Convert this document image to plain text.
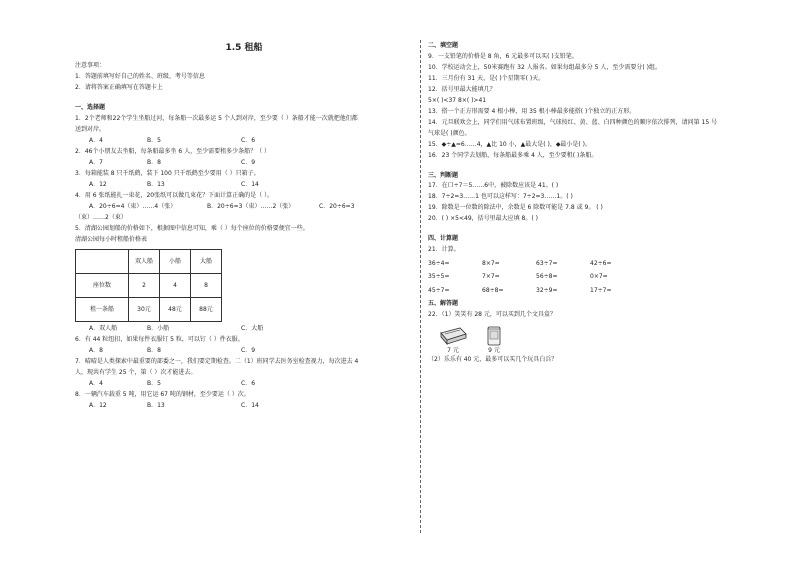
1.5 租船
注意事项：
1．答题前填写好自己的姓名、班级、考号等信息
2．请将答案正确填写在答题卡上
一、选择题
1．2个老师和22个学生坐船过河，每条船一次最多运 5 个人到对岸，至少要（ ）条船才能一次就把他们都
送到对岸。
A．4	B．5	C．6
2．46个小朋友去坐船，每条船最多坐 6 人，至少需要租多少条船？（ ）
A．7	B．8	C．9
3．每箱能装 8 只千纸鹤，装下 100 只千纸鹤至少要用（ ）只箱子。
A．12	B．13	C．14
4．用 6 张纸能扎一束花，20张纸可以做几束花？下面计算正确的是（ ）。
A．20÷6=4（束）……4（张）	B．20÷6=3（束）……2（张）	C．20÷6=3
（束）……2（束）
5．清湖公园划船的价格如下，根据图中信息可知，乘（ ）每个座位的价格要便宜一些。
清湖公园每小时租船价格表
	双人船	小船	大船
座位数	2	4	8
租一条船	30元	48元	88元
A．双人船	B．小船	C．大船
6．有 44 粒纽扣，如果每件衣服钉 5 粒，可以钉（ ）件衣服。
A．8	B．8	C．9
7．晴晴是人类探索中最重要的部委之一，我们要定期检查。二（1）班同学去医务室检查视力，每次进去 4
人，现共有学生 25 个，第（ ）次才能进去。
A．4	B．5	C．6
8．一辆汽车载重 5 吨，用它运 67 吨的钢材，至少要运（ ）次。
A．12	B．13	C．14
二、填空题
9．一支铅笔的价格是 8 角，6 元最多可以买( )支铅笔。
10．学校运动会上，50米赛跑有 32 人报名。如果每组最多分 5 人，至少需要分( )组。
11．三月份有 31 天，是( )个星期零( )天。
12．括号里最大能填几？
5×( )<37 8×( )>41
13．搭一个正方形需要 4 根小棒，用 35 根小棒最多能搭( )个独立的正方形。
14．元旦联欢会上，同学们用气球布置班级，气球按红、黄、蓝、白四种颜色的顺序依次排列，请问第 15 号
气球是( )颜色。
15．◆÷▲=6……4，▲比 10 小，▲最大是( )，◆最小是( )。
16．23 个同学去划船，每条船最多乘 4 人，至少要租( )条船。
三、判断题
17．在口÷7＝5……6中，被除数应该是 41。( )
18．7÷2=3……1 也可以这样写：7÷2=3……1。( )
19．除数是一位数的除法中，余数是 6 除数可能是 7.8 或 9。 ( )
20．( ) ×5<49，括号里最大应填 8。( )
四、计算题
21．计算。
36÷4=	8×7=	63÷7=	42÷6=
35÷5=	7×7=	56÷8=	0×7=
45÷7=	68÷8=	32÷9=	17÷7=
五、解答题
22．（1）笑笑有 28 元，可以买到几个文具盒？
7 元	9 元
（2）乐乐有 40 元，最多可以买几个玩具白兵？
